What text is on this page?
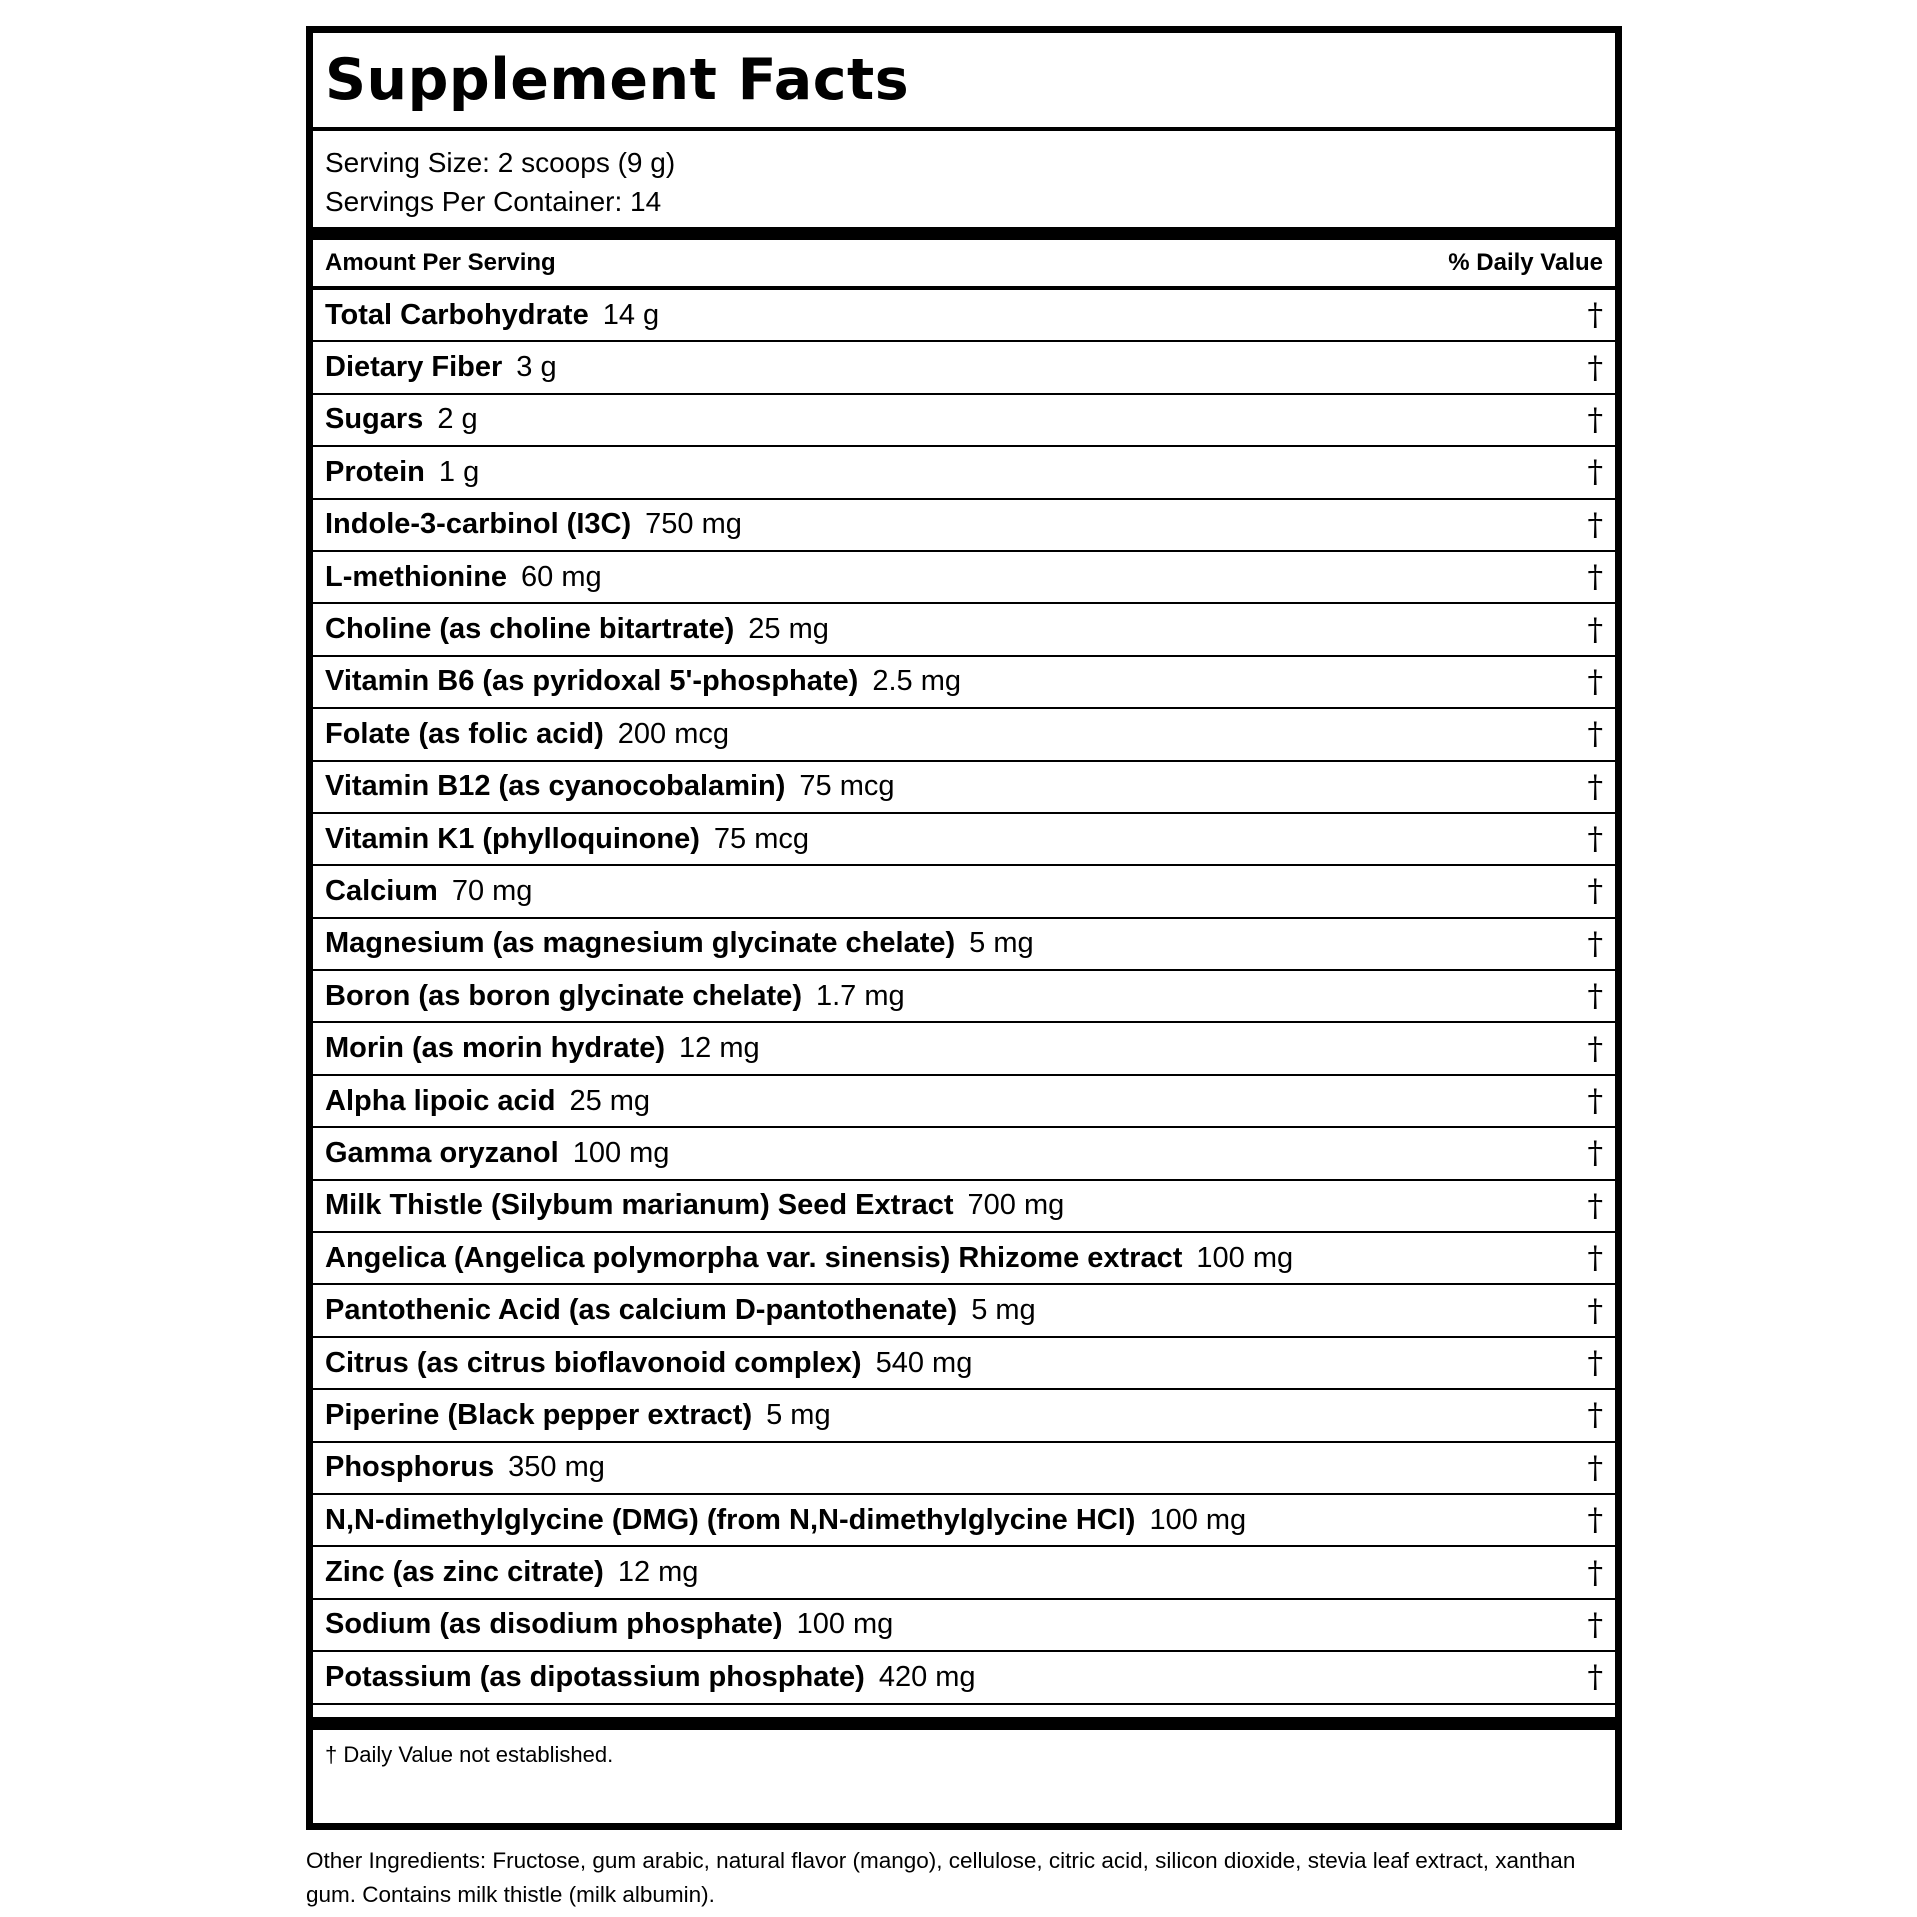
Supplement Facts
Serving Size: 2 scoops (9 g)
Servings Per Container: 14
Amount Per Serving	% Daily Value
Total Carbohydrate 14 g	†
Dietary Fiber 3 g	†
Sugars 2 g	†
Protein 1 g	†
Indole-3-carbinol (I3C) 750 mg	†
L-methionine 60 mg	†
Choline (as choline bitartrate) 25 mg	†
Vitamin B6 (as pyridoxal 5'-phosphate) 2.5 mg	†
Folate (as folic acid) 200 mcg	†
Vitamin B12 (as cyanocobalamin) 75 mcg	†
Vitamin K1 (phylloquinone) 75 mcg	†
Calcium 70 mg	†
Magnesium (as magnesium glycinate chelate) 5 mg	†
Boron (as boron glycinate chelate) 1.7 mg	†
Morin (as morin hydrate) 12 mg	†
Alpha lipoic acid 25 mg	†
Gamma oryzanol 100 mg	†
Milk Thistle (Silybum marianum) Seed Extract 700 mg	†
Angelica (Angelica polymorpha var. sinensis) Rhizome extract 100 mg	†
Pantothenic Acid (as calcium D-pantothenate) 5 mg	†
Citrus (as citrus bioflavonoid complex) 540 mg	†
Piperine (Black pepper extract) 5 mg	†
Phosphorus 350 mg	†
N,N-dimethylglycine (DMG) (from N,N-dimethylglycine HCl) 100 mg	†
Zinc (as zinc citrate) 12 mg	†
Sodium (as disodium phosphate) 100 mg	†
Potassium (as dipotassium phosphate) 420 mg	†
† Daily Value not established.
Other Ingredients: Fructose, gum arabic, natural flavor (mango), cellulose, citric acid, silicon dioxide, stevia leaf extract, xanthan gum. Contains milk thistle (milk albumin).
